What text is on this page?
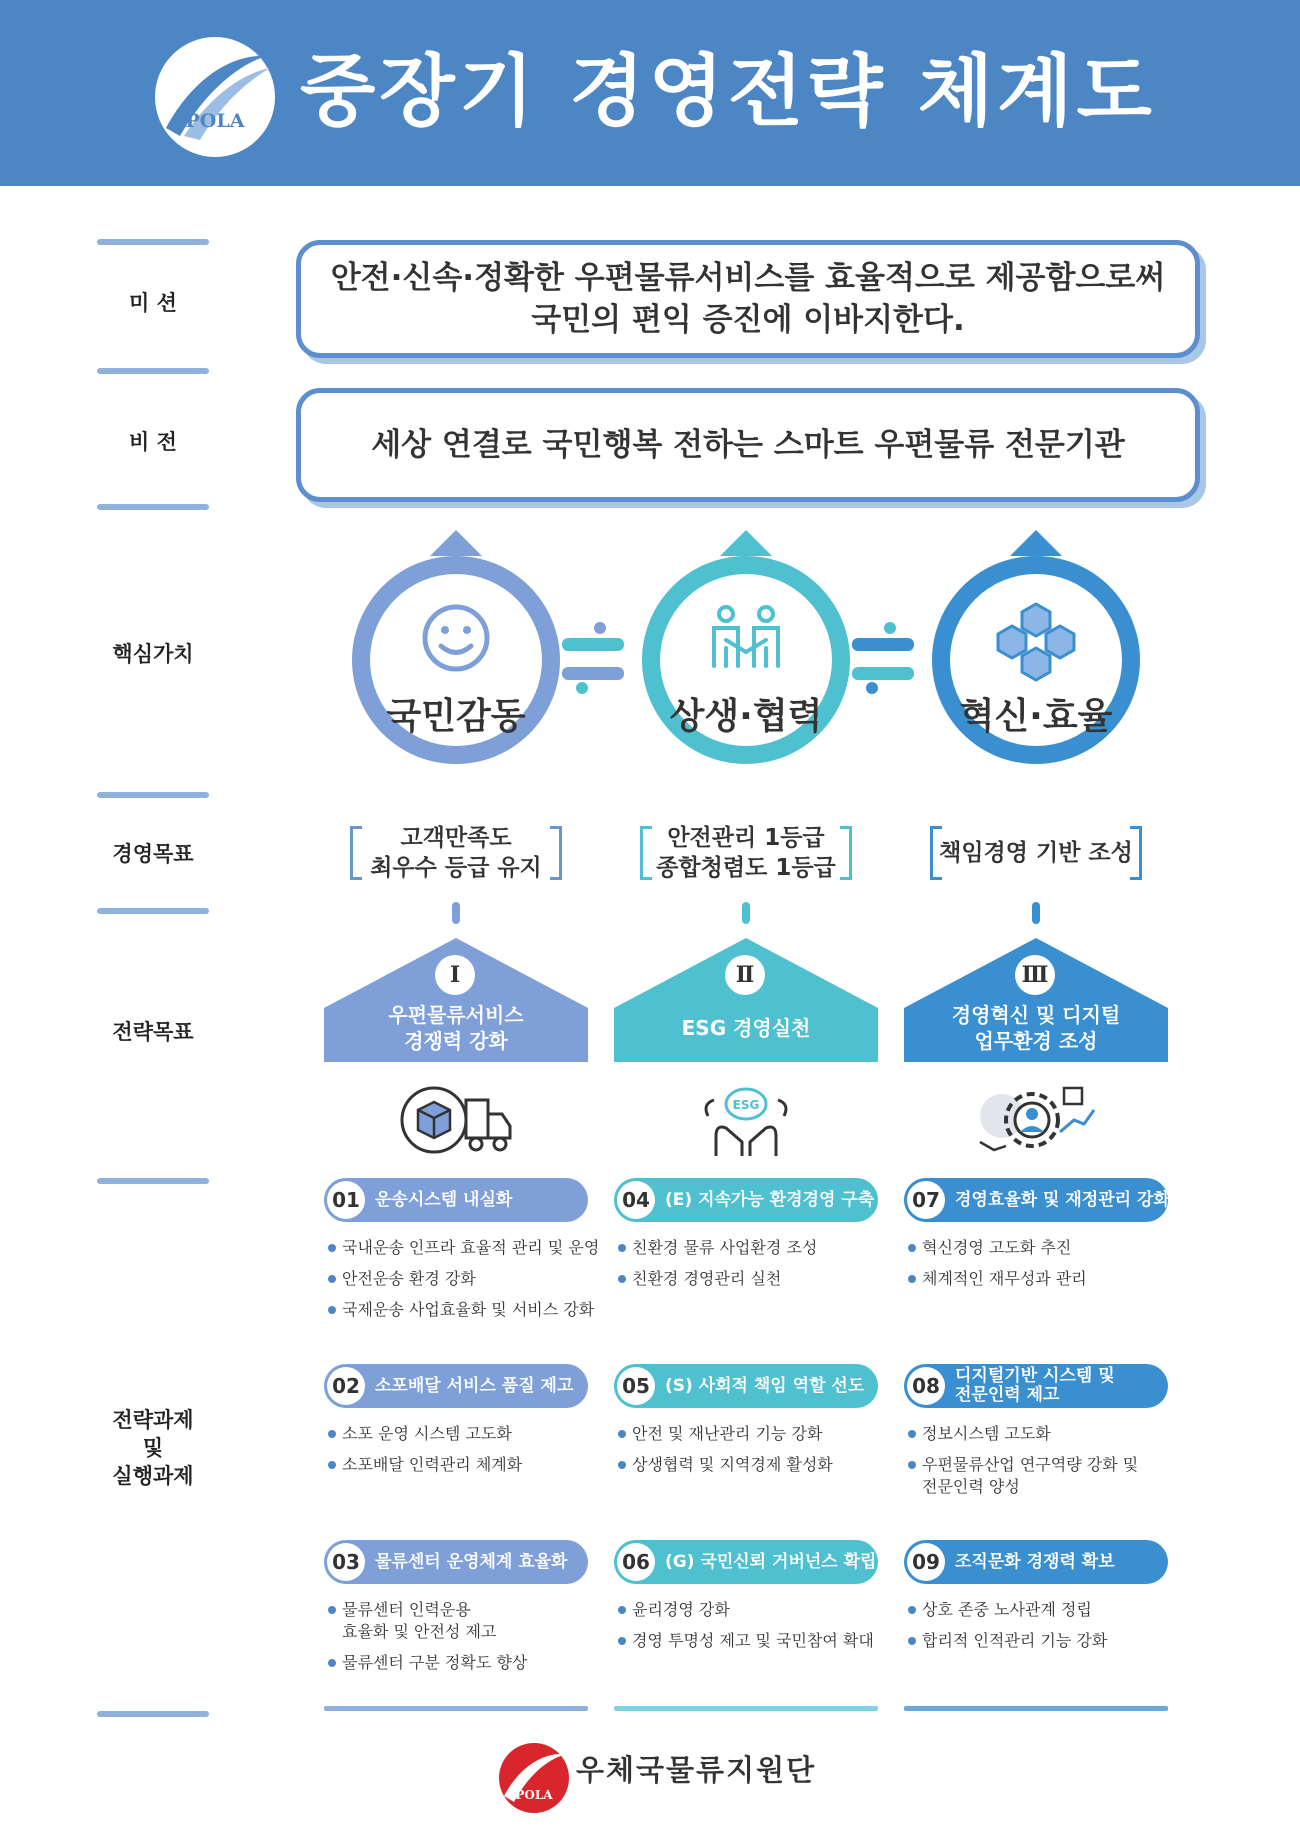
POLA 중장기 경영전략 체계도
미 션
비 전
핵심가치
경영목표
전략목표
전략과제
및
실행과제
안전·신속·정확한 우편물류서비스를 효율적으로 제공함으로써
국민의 편익 증진에 이바지한다.
세상 연결로 국민행복 전하는 스마트 우편물류 전문기관
국민감동	상생·협력	혁신·효율
고객만족도
최우수 등급 유지
안전관리 1등급
종합청렴도 1등급
책임경영 기반 조성
Ⅰ	Ⅱ	Ⅲ
우편물류서비스
경쟁력 강화
ESG 경영실천
경영혁신 및 디지털
업무환경 조성
ESG
01 운송시스템 내실화
국내운송 인프라 효율적 관리 및 운영
안전운송 환경 강화
국제운송 사업효율화 및 서비스 강화
02 소포배달 서비스 품질 제고
소포 운영 시스템 고도화
소포배달 인력관리 체계화
03 물류센터 운영체계 효율화
물류센터 인력운용
효율화 및 안전성 제고
물류센터 구분 정확도 향상
04 (E) 지속가능 환경경영 구축
친환경 물류 사업환경 조성
친환경 경영관리 실천
05 (S) 사회적 책임 역할 선도
안전 및 재난관리 기능 강화
상생협력 및 지역경제 활성화
06 (G) 국민신뢰 거버넌스 확립
윤리경영 강화
경영 투명성 제고 및 국민참여 확대
07 경영효율화 및 재정관리 강화
혁신경영 고도화 추진
체계적인 재무성과 관리
08 디지털기반 시스템 및
전문인력 제고
정보시스템 고도화
우편물류산업 연구역량 강화 및
전문인력 양성
09 조직문화 경쟁력 확보
상호 존중 노사관계 정립
합리적 인적관리 기능 강화
POLA
우체국물류지원단
